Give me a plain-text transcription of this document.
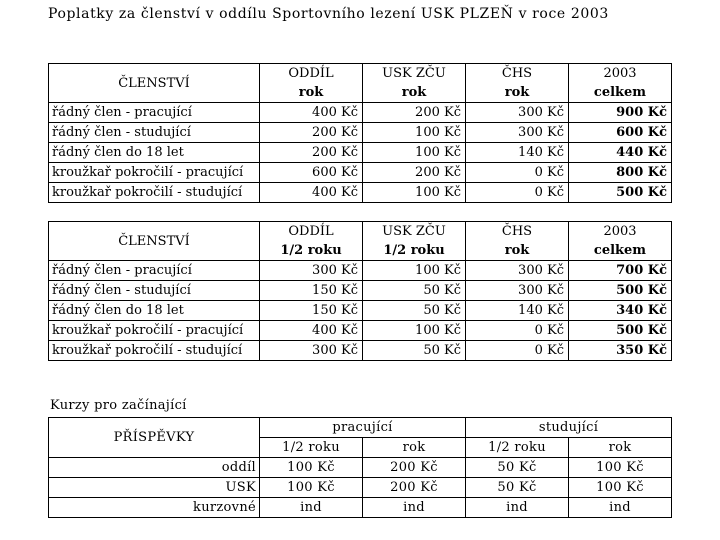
Poplatky za členství v oddílu Sportovního lezení USK PLZEŇ v roce 2003
ČLENSTVÍ	ODDÍL	USK ZČU	ČHS	2003
	rok	rok	rok	celkem
řádný člen - pracující	400 Kč	200 Kč	300 Kč	900 Kč
řádný člen - studující	200 Kč	100 Kč	300 Kč	600 Kč
řádný člen do 18 let	200 Kč	100 Kč	140 Kč	440 Kč
kroužkař pokročilí - pracující	600 Kč	200 Kč	0 Kč	800 Kč
kroužkař pokročilí - studující	400 Kč	100 Kč	0 Kč	500 Kč
ČLENSTVÍ	ODDÍL	USK ZČU	ČHS	2003
	1/2 roku	1/2 roku	rok	celkem
řádný člen - pracující	300 Kč	100 Kč	300 Kč	700 Kč
řádný člen - studující	150 Kč	50 Kč	300 Kč	500 Kč
řádný člen do 18 let	150 Kč	50 Kč	140 Kč	340 Kč
kroužkař pokročilí - pracující	400 Kč	100 Kč	0 Kč	500 Kč
kroužkař pokročilí - studující	300 Kč	50 Kč	0 Kč	350 Kč
Kurzy pro začínající
PŘÍSPĚVKY	pracující		studující	
	1/2 roku	rok	1/2 roku	rok
oddíl	100 Kč	200 Kč	50 Kč	100 Kč
USK	100 Kč	200 Kč	50 Kč	100 Kč
kurzovné	ind	ind	ind	ind
